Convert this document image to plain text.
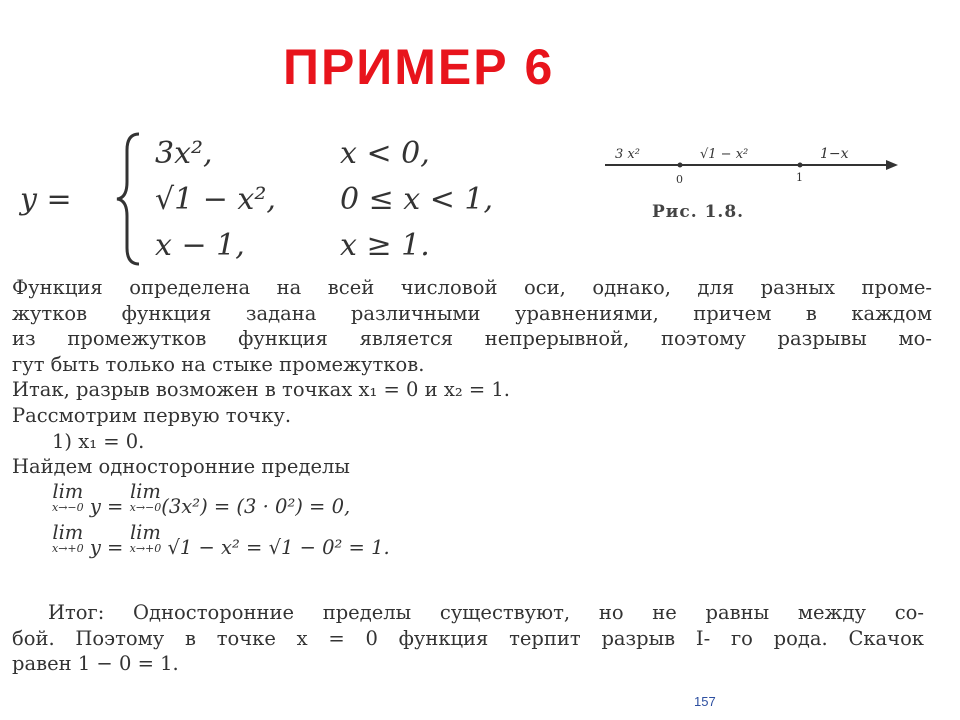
ПРИМЕР 6
y =
3x²,	x < 0,
√1 − x², 0 ≤ x < 1,
x − 1,	x ≥ 1.
3 x²	√1 − x²	1−x
0	1
Рис. 1.8.

Функция определена на всей числовой оси, однако, для разных проме-

жутков функция задана различными уравнениями, причем в каждом

из промежутков функция является непрерывной, поэтому разрывы мо-

гут быть только на стыке промежутков.

Итак, разрыв возможен в точках x₁ = 0 и x₂ = 1.

Рассмотрим первую точку.

1) x₁ = 0.

Найдем односторонние пределы

lim
x→−0 y = lim
x→−0 (3x²) = (3 · 0²) = 0,

lim
x→+0 y = lim
x→+0 √1 − x² = √1 − 0² = 1.

Итог: Односторонние пределы существуют, но не равны между со-

бой. Поэтому в точке x = 0 функция терпит разрыв I- го рода. Скачок

равен 1 − 0 = 1.

157
